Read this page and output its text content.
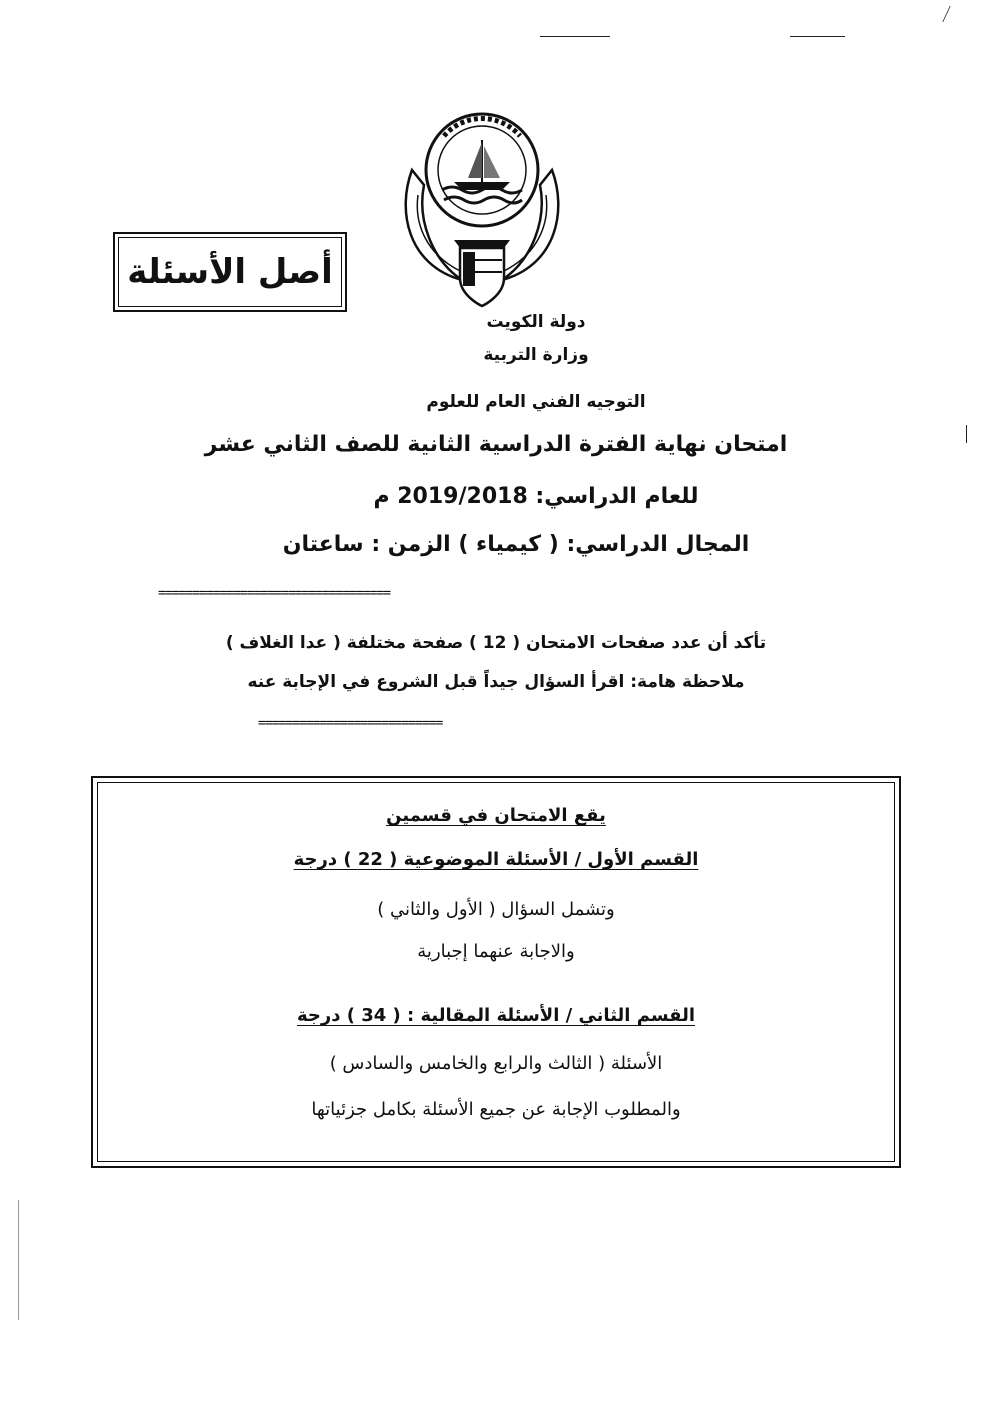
أصل الأسئلة
دولة الكويت
وزارة التربية
التوجيه الفني العام للعلوم
امتحان نهاية الفترة الدراسية الثانية للصف الثاني عشر
للعام الدراسي: 2019/2018 م
المجال الدراسي: ( كيمياء ) الزمن : ساعتان
==================================
تأكد أن عدد صفحات الامتحان ( 12 ) صفحة مختلفة ( عدا الغلاف )
ملاحظة هامة: اقرأ السؤال جيداً قبل الشروع في الإجابة عنه
===========================
يقع الامتحان في قسمين
القسم الأول / الأسئلة الموضوعية ( 22 ) درجة
وتشمل السؤال ( الأول والثاني )
والاجابة عنهما إجبارية
القسم الثاني / الأسئلة المقالية : ( 34 ) درجة
الأسئلة ( الثالث والرابع والخامس والسادس )
والمطلوب الإجابة عن جميع الأسئلة بكامل جزئياتها
